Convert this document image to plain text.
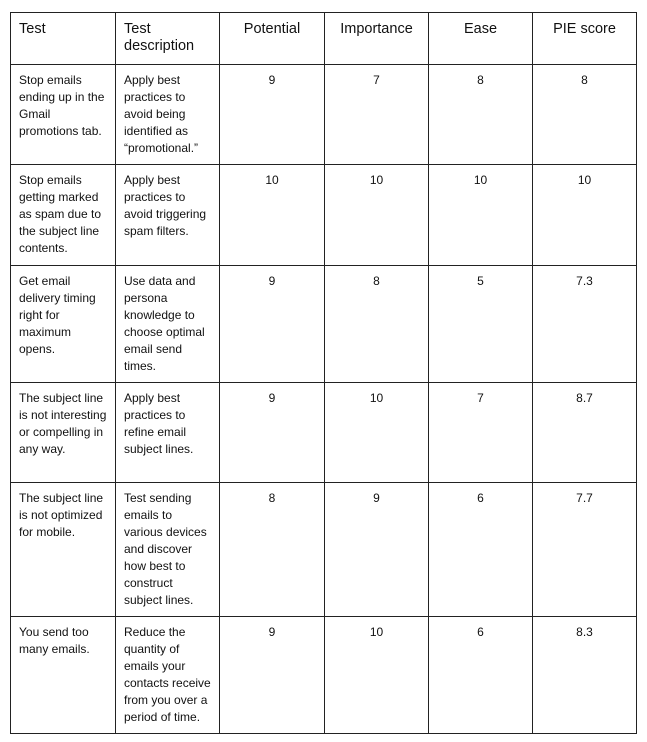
Test	Test description	Potential	Importance	Ease	PIE score
Stop emails ending up in the Gmail promotions tab.	Apply best practices to avoid being identified as “promotional.”	9	7	8	8
Stop emails getting marked as spam due to the subject line contents.	Apply best practices to avoid triggering spam filters.	10	10	10	10
Get email delivery timing right for maximum opens.	Use data and persona knowledge to choose optimal email send times.	9	8	5	7.3
The subject line is not interesting or compelling in any way.	Apply best practices to refine email subject lines.	9	10	7	8.7
The subject line is not optimized for mobile.	Test sending emails to various devices and discover how best to construct subject lines.	8	9	6	7.7
You send too many emails.	Reduce the quantity of emails your contacts receive from you over a period of time.	9	10	6	8.3
